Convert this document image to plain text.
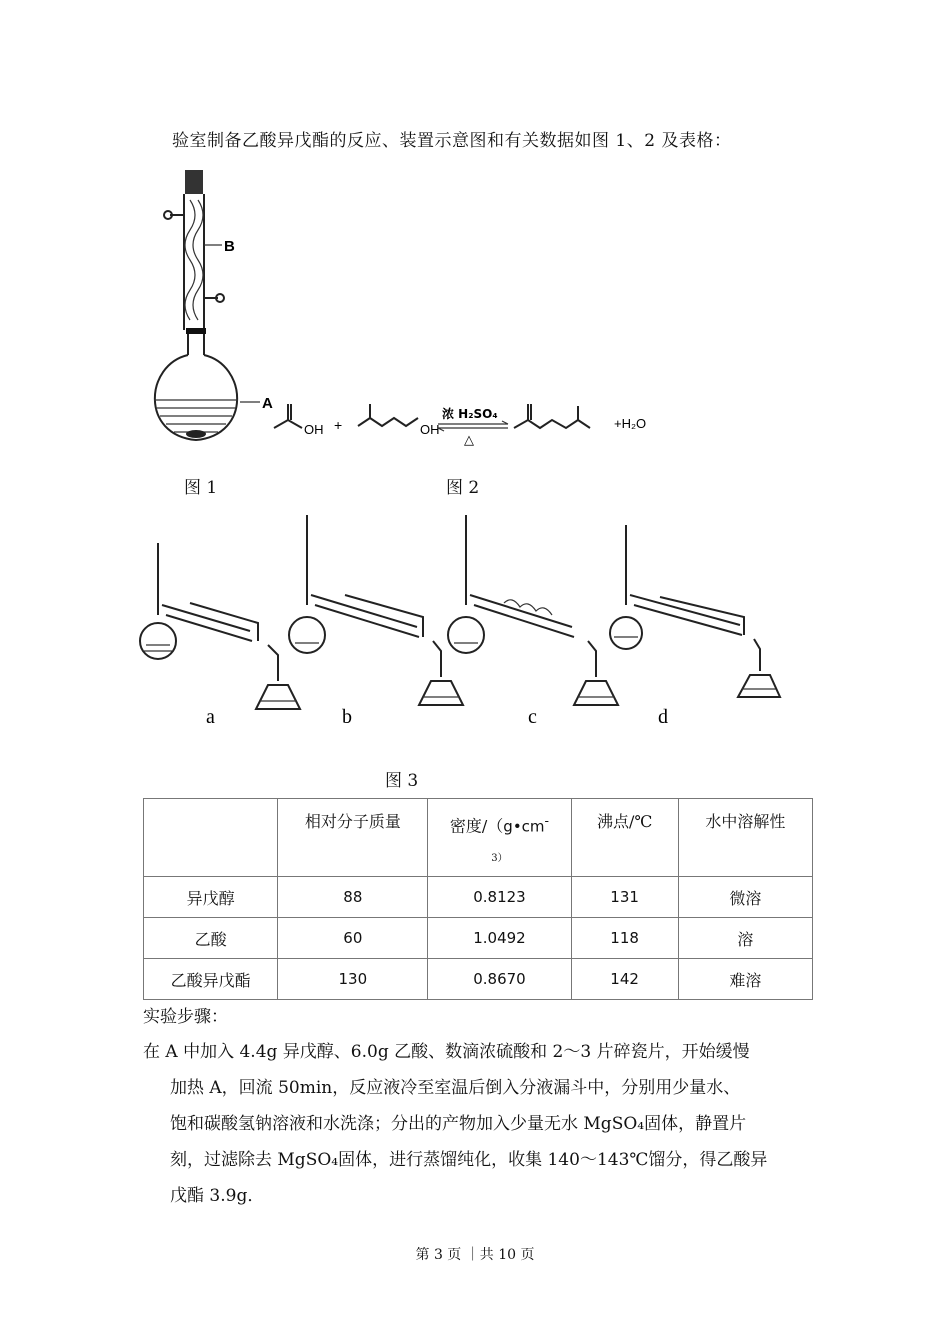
验室制备乙酸异戊酯的反应、装置示意图和有关数据如图 1、2 及表格：
B
A
OH +	OH
浓 H₂SO₄
△
.	+H₂O
图 1	图 2
a	b	c	d
图 3
	相对分子质量	密度/（g•cm-
3）	沸点/℃	水中溶解性
异戊醇	88	0.8123	131	微溶
乙酸	60	1.0492	118	溶
乙酸异戊酯	130	0.8670	142	难溶
实验步骤：

在 A 中加入 4.4g 异戊醇、6.0g 乙酸、数滴浓硫酸和 2～3 片碎瓷片，开始缓慢

加热 A，回流 50min，反应液冷至室温后倒入分液漏斗中，分别用少量水、

饱和碳酸氢钠溶液和水洗涤；分出的产物加入少量无水 MgSO₄固体，静置片

刻，过滤除去 MgSO₄固体，进行蒸馏纯化，收集 140～143℃馏分，得乙酸异

戊酯 3.9g．

第 3 页 ｜共 10 页
